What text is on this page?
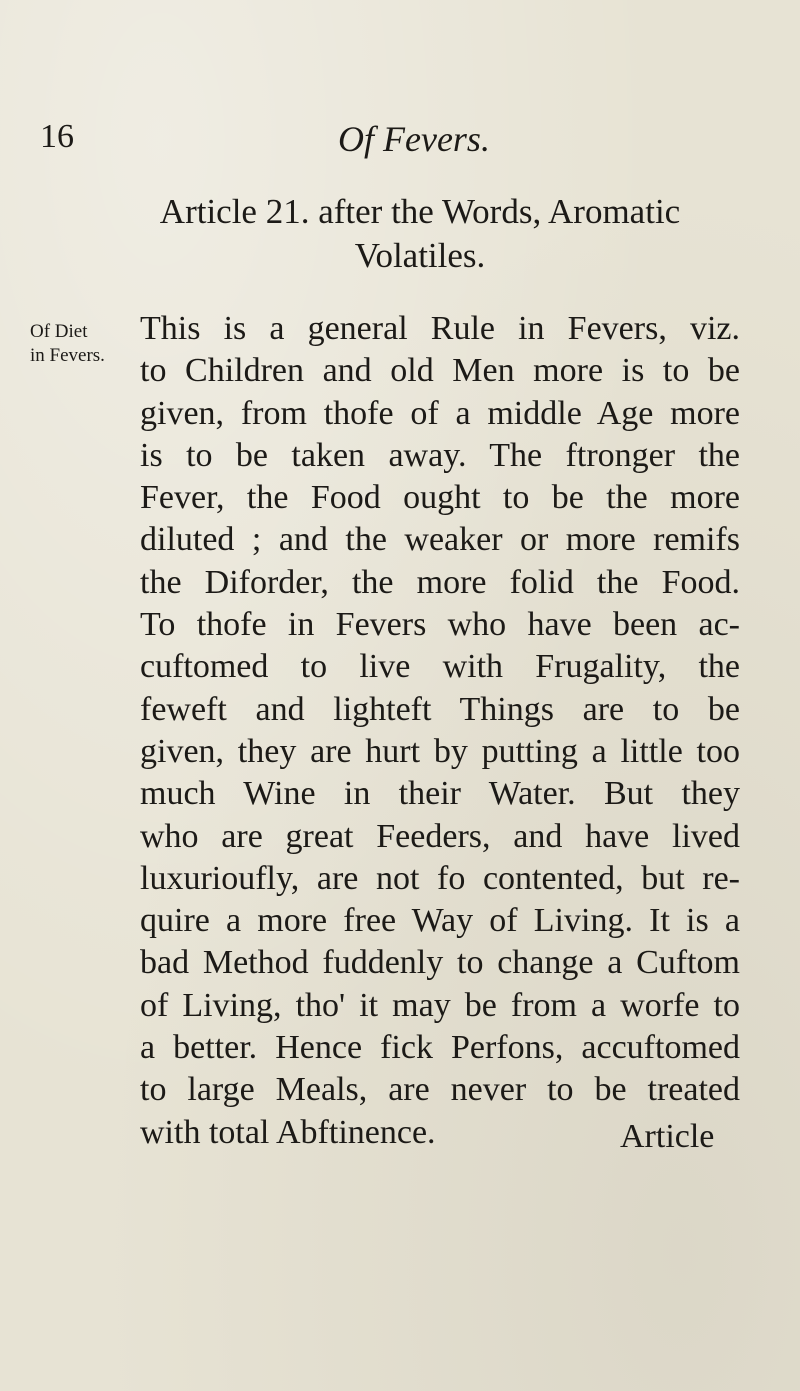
16	Of Fevers.
Article 21. after the Words, Aromatic
Volatiles.
Of Diet
in Fevers.
This is a general Rule in Fevers, viz.
to Children and old Men more is to be
given, from thofe of a middle Age more
is to be taken away. The ftronger the
Fever, the Food ought to be the more
diluted ; and the weaker or more remifs
the Diforder, the more folid the Food.
To thofe in Fevers who have been ac-
cuftomed to live with Frugality, the
feweft and lighteft Things are to be
given, they are hurt by putting a little too
much Wine in their Water. But they
who are great Feeders, and have lived
luxurioufly, are not fo contented, but re-
quire a more free Way of Living. It is a
bad Method fuddenly to change a Cuftom
of Living, tho' it may be from a worfe to
a better. Hence fick Perfons, accuftomed
to large Meals, are never to be treated
with total Abftinence.	Article
